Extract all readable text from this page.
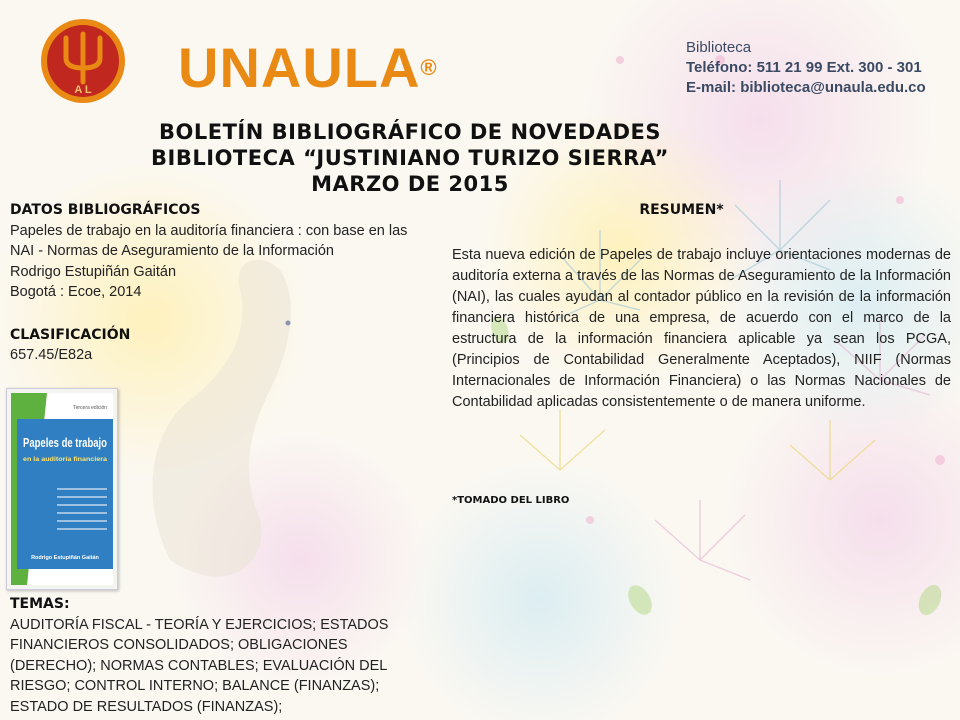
A L UNAULA®
Biblioteca
Teléfono: 511 21 99 Ext. 300 - 301
E-mail: biblioteca@unaula.edu.co
BOLETÍN BIBLIOGRÁFICO DE NOVEDADES
BIBLIOTECA “JUSTINIANO TURIZO SIERRA”
MARZO DE 2015
DATOS BIBLIOGRÁFICOS

Papeles de trabajo en la auditoría financiera : con base en las NAI - Normas de Aseguramiento de la Información

Rodrigo Estupiñán Gaitán

Bogotá : Ecoe, 2014

CLASIFICACIÓN

657.45/E82a

Tercera edición
Papeles de trabajo
en la auditoría financiera
Rodrigo Estupiñán Gaitán
TEMAS:
AUDITORÍA FISCAL - TEORÍA Y EJERCICIOS; ESTADOS FINANCIEROS CONSOLIDADOS; OBLIGACIONES (DERECHO); NORMAS CONTABLES; EVALUACIÓN DEL RIESGO; CONTROL INTERNO; BALANCE (FINANZAS); ESTADO DE RESULTADOS (FINANZAS);
RESUMEN*
Esta nueva edición de Papeles de trabajo incluye orientaciones modernas de auditoría externa a través de las Normas de Aseguramiento de la Información (NAI), las cuales ayudan al contador público en la revisión de la información financiera histórica de una empresa, de acuerdo con el marco de la estructura de la información financiera aplicable ya sean los PCGA, (Principios de Contabilidad Generalmente Aceptados), NIIF (Normas Internacionales de Información Financiera) o las Normas Nacionales de Contabilidad aplicadas consistentemente o de manera uniforme.
*TOMADO DEL LIBRO
